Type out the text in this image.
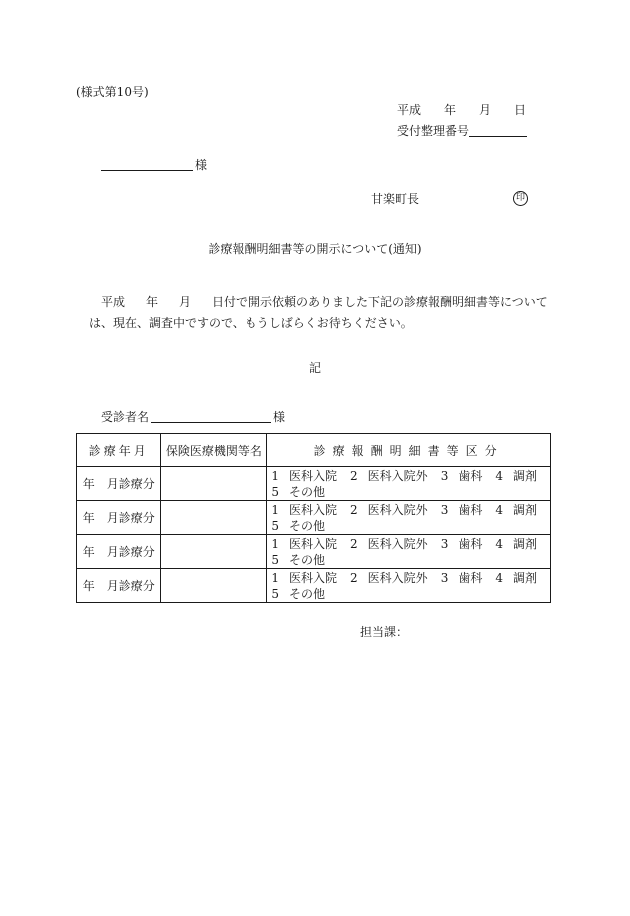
(様式第10号)
平成 年 月 日
受付整理番号
様
甘楽町長	印
診療報酬明細書等の開示について(通知)
平成 年 月 日付で開示依頼のありました下記の診療報酬明細書等については、現在、調査中ですので、もうしばらくお待ちください。
記
受診者名	様
診療年月	保険医療機関等名	診療報酬明細書等区分
年　月診療分		1 医科入院 2 医科入院外 3 歯科 4 調剤
5 その他

年　月診療分		1 医科入院 2 医科入院外 3 歯科 4 調剤
5 その他

年　月診療分		1 医科入院 2 医科入院外 3 歯科 4 調剤
5 その他

年　月診療分		1 医科入院 2 医科入院外 3 歯科 4 調剤
5 その他
担当課：
